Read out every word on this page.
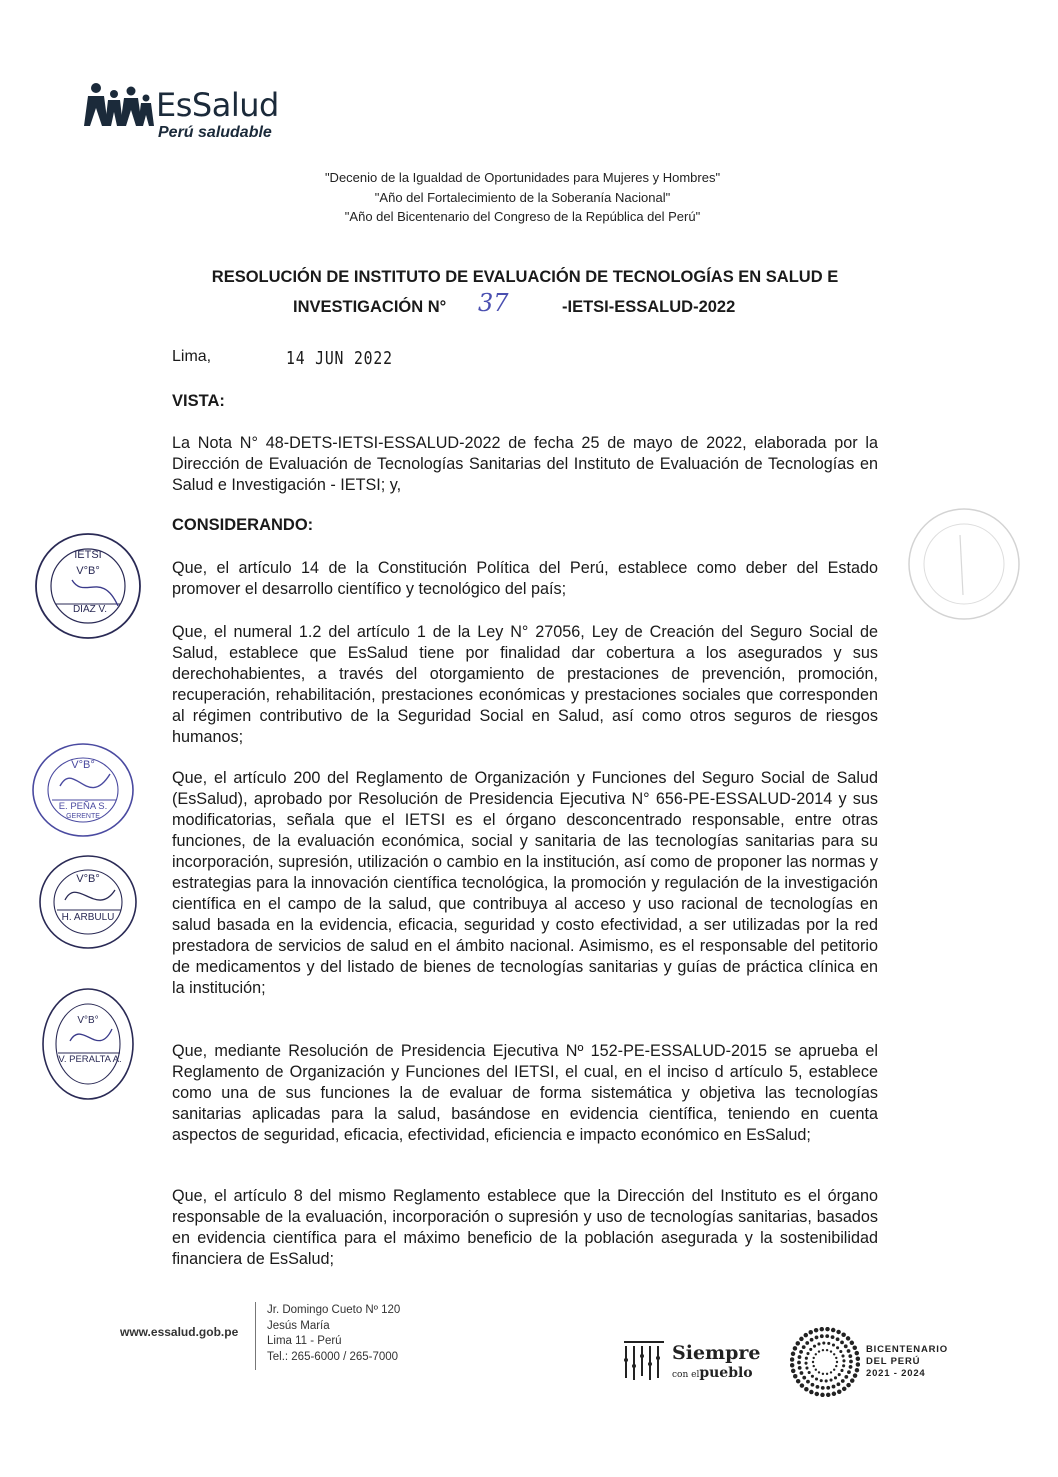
EsSalud
Perú saludable
"Decenio de la Igualdad de Oportunidades para Mujeres y Hombres"
"Año del Fortalecimiento de la Soberanía Nacional"
"Año del Bicentenario del Congreso de la República del Perú"
RESOLUCIÓN DE INSTITUTO DE EVALUACIÓN DE TECNOLOGÍAS EN SALUD E
INVESTIGACIÓN N° 37	-IETSI-ESSALUD-2022
Lima,	14 JUN 2022
VISTA:
La Nota N° 48-DETS-IETSI-ESSALUD-2022 de fecha 25 de mayo de 2022, elaborada por la Dirección de Evaluación de Tecnologías Sanitarias del Instituto de Evaluación de Tecnologías en Salud e Investigación - IETSI; y,
CONSIDERANDO:
Que, el artículo 14 de la Constitución Política del Perú, establece como deber del Estado promover el desarrollo científico y tecnológico del país;
Que, el numeral 1.2 del artículo 1 de la Ley N° 27056, Ley de Creación del Seguro Social de Salud, establece que EsSalud tiene por finalidad dar cobertura a los asegurados y sus derechohabientes, a través del otorgamiento de prestaciones de prevención, promoción, recuperación, rehabilitación, prestaciones económicas y prestaciones sociales que corresponden al régimen contributivo de la Seguridad Social en Salud, así como otros seguros de riesgos humanos;
Que, el artículo 200 del Reglamento de Organización y Funciones del Seguro Social de Salud (EsSalud), aprobado por Resolución de Presidencia Ejecutiva N° 656-PE-ESSALUD-2014 y sus modificatorias, señala que el IETSI es el órgano desconcentrado responsable, entre otras funciones, de la evaluación económica, social y sanitaria de las tecnologías sanitarias para su incorporación, supresión, utilización o cambio en la institución, así como de proponer las normas y estrategias para la innovación científica tecnológica, la promoción y regulación de la investigación científica en el campo de la salud, que contribuya al acceso y uso racional de tecnologías en salud basada en la evidencia, eficacia, seguridad y costo efectividad, a ser utilizadas por la red prestadora de servicios de salud en el ámbito nacional. Asimismo, es el responsable del petitorio de medicamentos y del listado de bienes de tecnologías sanitarias y guías de práctica clínica en la institución;
Que, mediante Resolución de Presidencia Ejecutiva Nº 152-PE-ESSALUD-2015 se aprueba el Reglamento de Organización y Funciones del IETSI, el cual, en el inciso d artículo 5, establece como una de sus funciones la de evaluar de forma sistemática y objetiva las tecnologías sanitarias aplicadas para la salud, basándose en evidencia científica, teniendo en cuenta aspectos de seguridad, eficacia, efectividad, eficiencia e impacto económico en EsSalud;
Que, el artículo 8 del mismo Reglamento establece que la Dirección del Instituto es el órgano responsable de la evaluación, incorporación o supresión y uso de tecnologías sanitarias, basados en evidencia científica para el máximo beneficio de la población asegurada y la sostenibilidad financiera de EsSalud;
IETSI
V°B°
DIAZ V.
V°B°
E. PEÑA S.
GERENTE
V°B°
H. ARBULU
V°B°
V. PERALTA A.
www.essalud.gob.pe
Jr. Domingo Cueto Nº 120
Jesús María
Lima 11 - Perú
Tel.: 265-6000 / 265-7000	Siempre
con elpueblo
BICENTENARIO
DEL PERÚ
2021 - 2024
